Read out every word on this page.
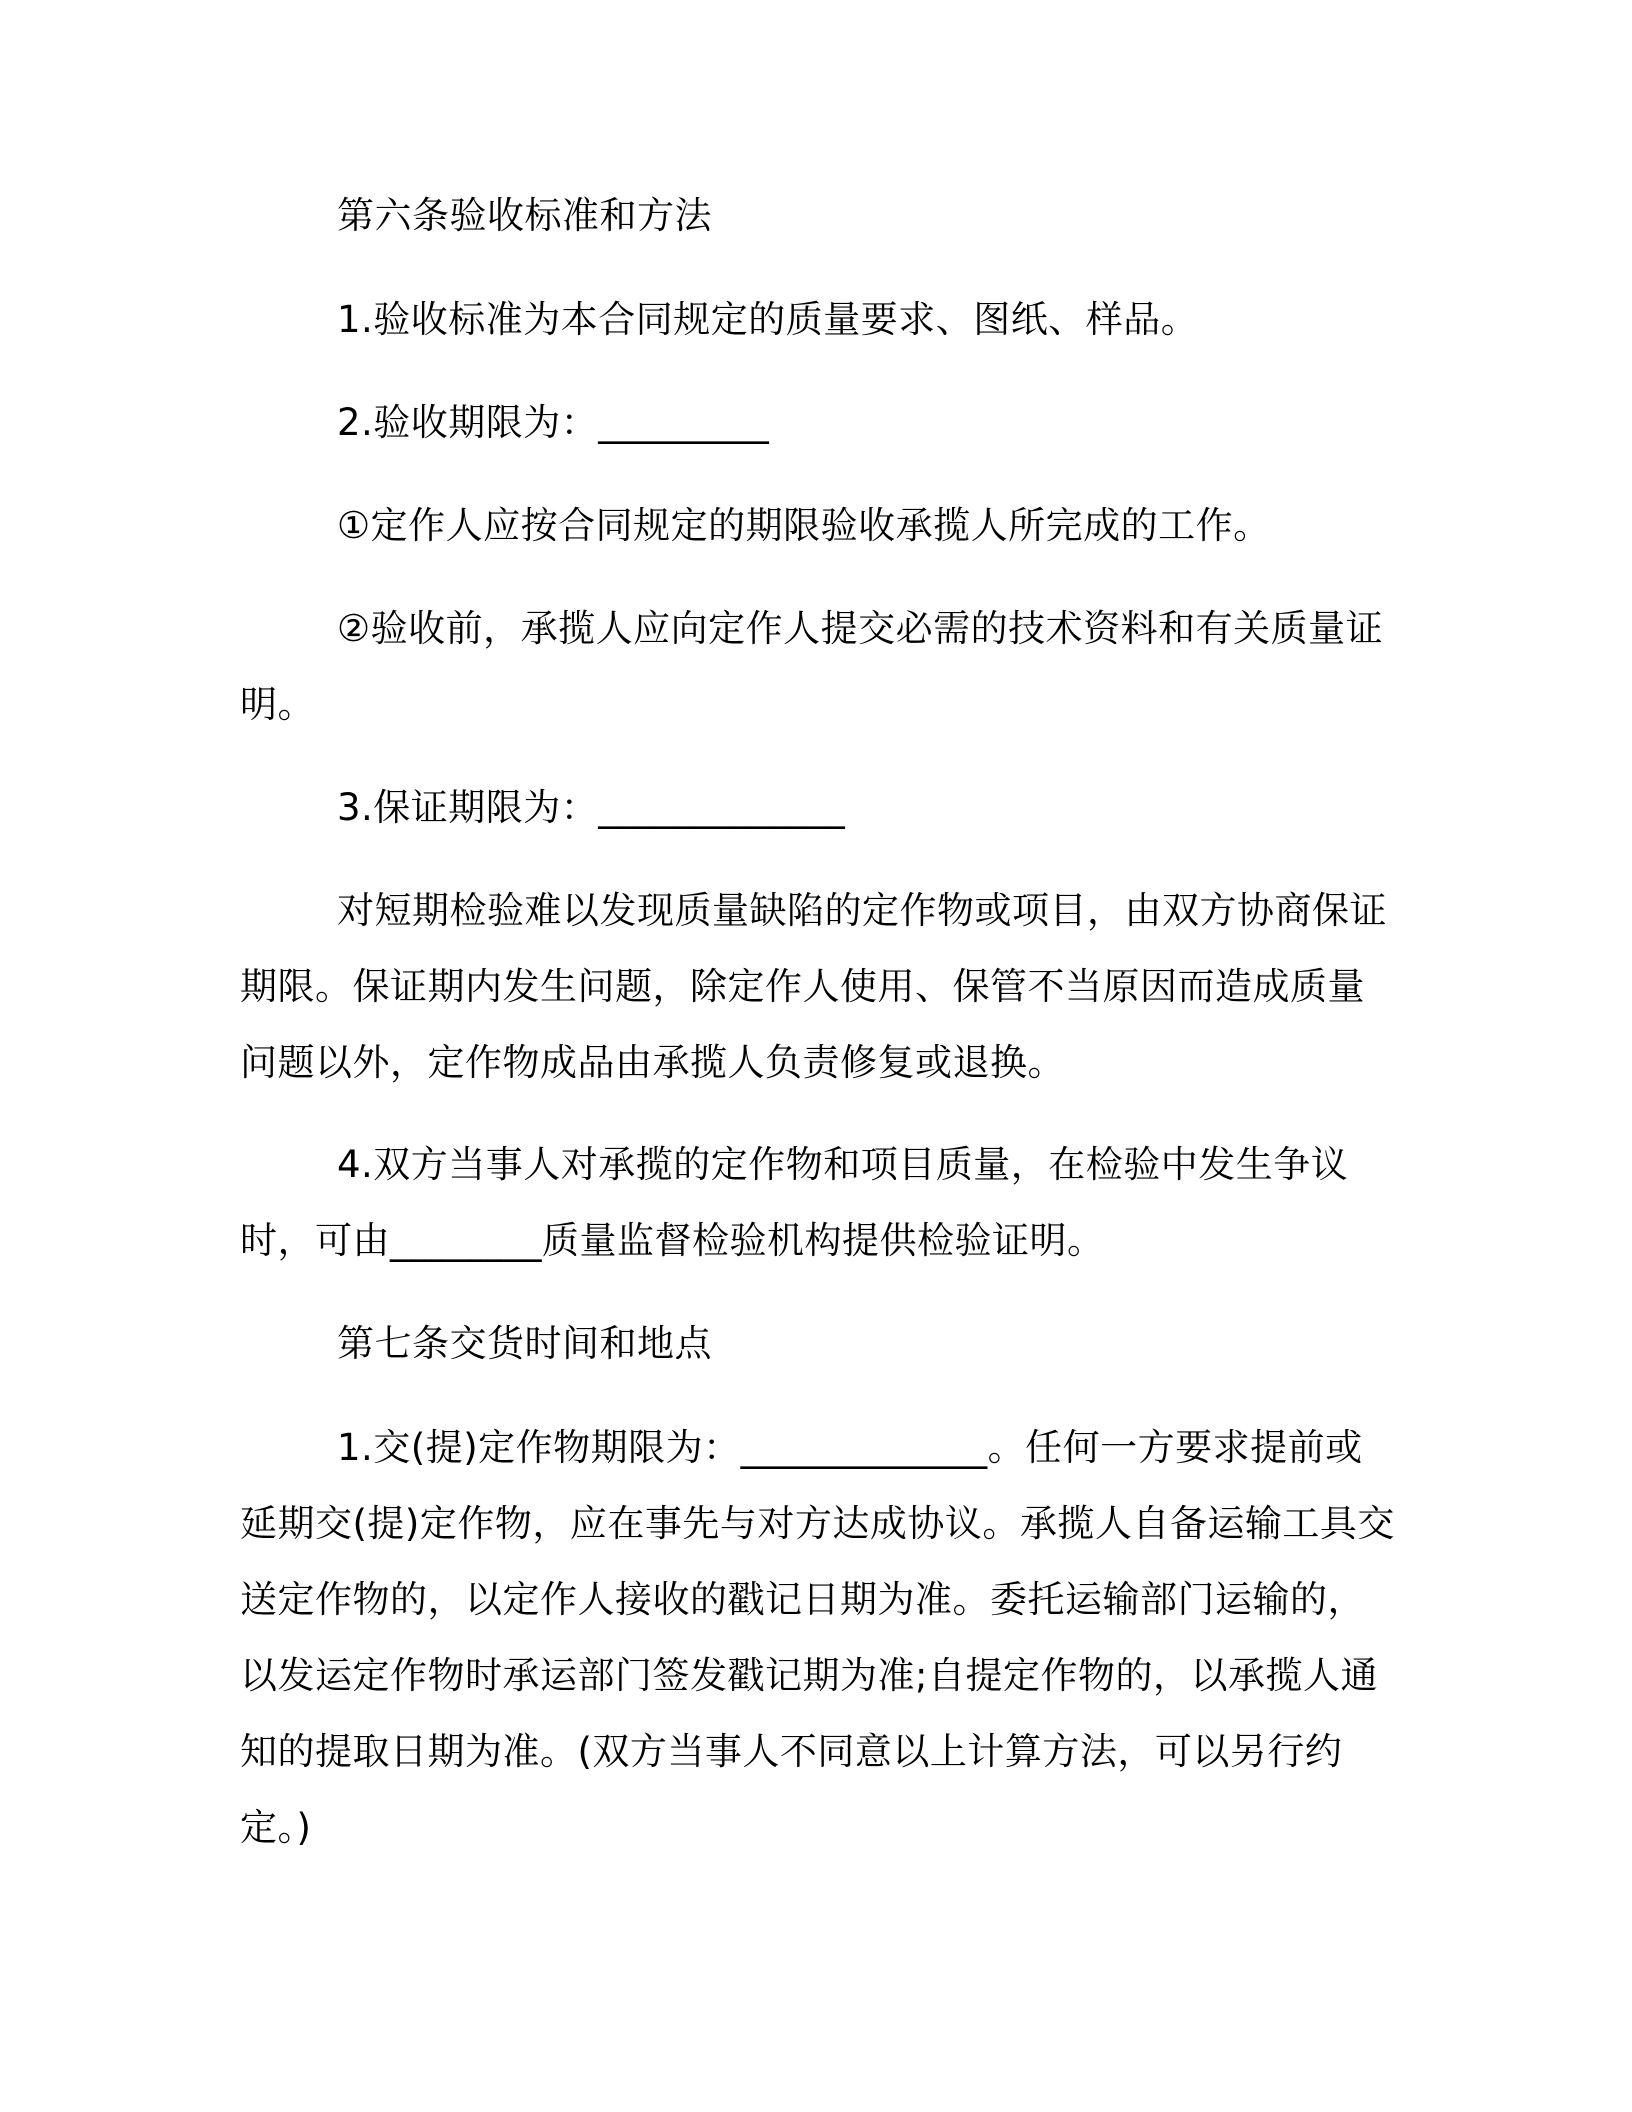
第六条验收标准和方法

1.验收标准为本合同规定的质量要求、图纸、样品。

2.验收期限为：_________

①定作人应按合同规定的期限验收承揽人所完成的工作。

②验收前，承揽人应向定作人提交必需的技术资料和有关质量证明。

3.保证期限为：_____________

对短期检验难以发现质量缺陷的定作物或项目，由双方协商保证期限。保证期内发生问题，除定作人使用、保管不当原因而造成质量问题以外，定作物成品由承揽人负责修复或退换。

4.双方当事人对承揽的定作物和项目质量，在检验中发生争议时，可由________质量监督检验机构提供检验证明。

第七条交货时间和地点

1.交(提)定作物期限为：_____________。任何一方要求提前或延期交(提)定作物，应在事先与对方达成协议。承揽人自备运输工具交送定作物的，以定作人接收的戳记日期为准。委托运输部门运输的，以发运定作物时承运部门签发戳记期为准;自提定作物的，以承揽人通知的提取日期为准。(双方当事人不同意以上计算方法，可以另行约定。)
